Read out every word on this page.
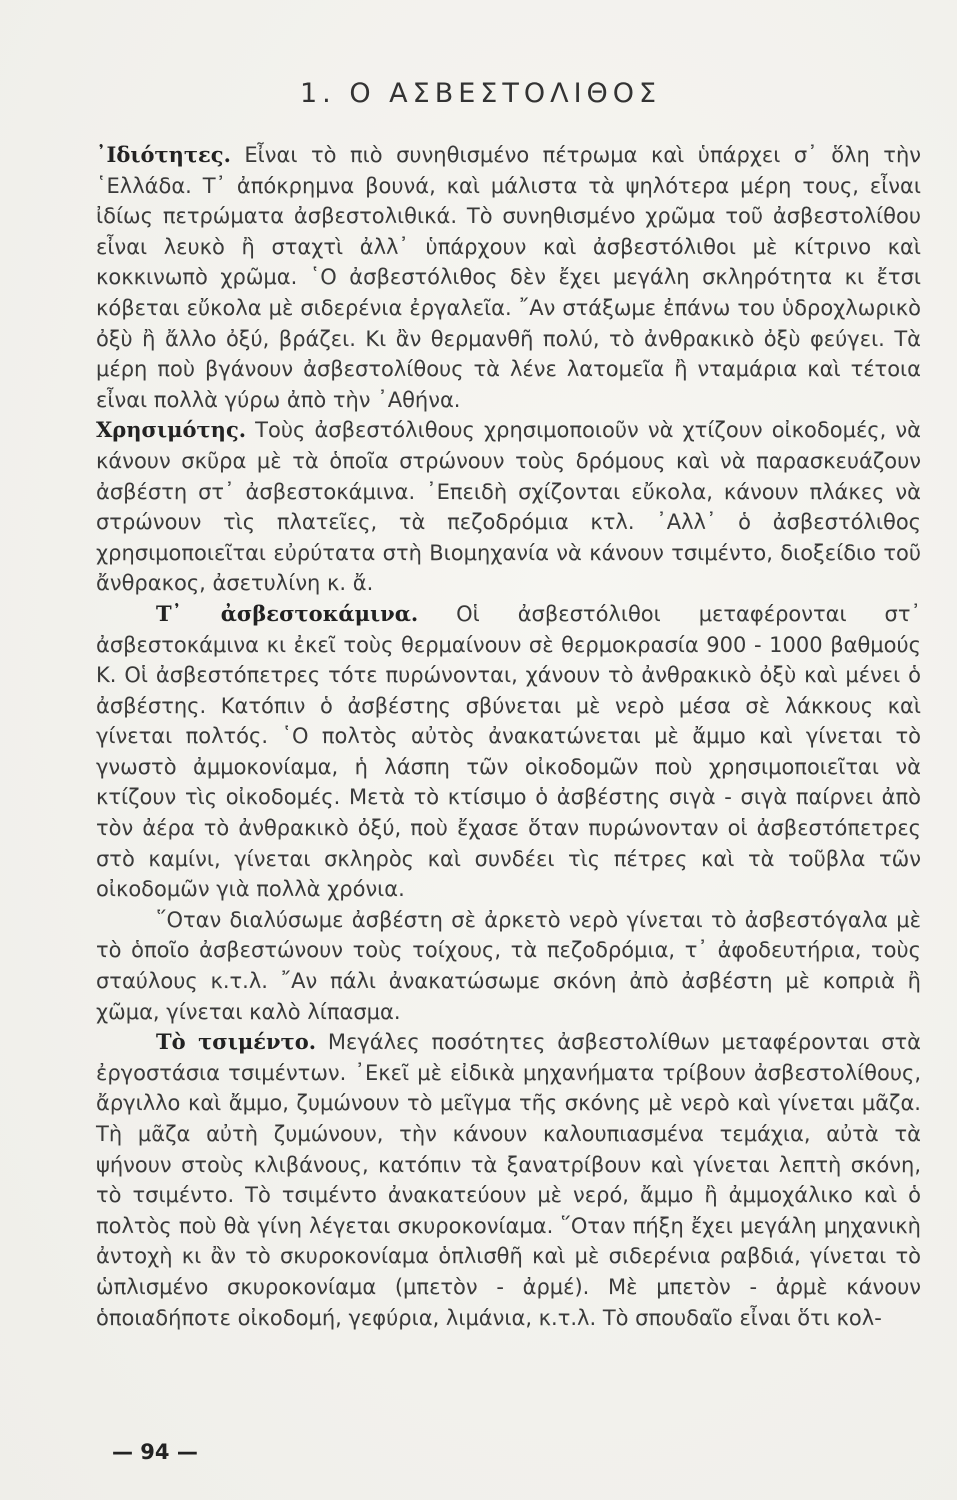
1. Ο ΑΣΒΕΣΤΟΛΙΘΟΣ

᾿Ιδιότητες. Εἶναι τὸ πιὸ συνηθισμένο πέτρωμα καὶ ὑπάρχει σ᾿ ὅλη τὴν ῾Ελλάδα. Τ᾿ ἀπόκρημνα βουνά, καὶ μάλιστα τὰ ψηλότερα μέρη τους, εἶναι ἰδίως πετρώματα ἀσβεστολιθικά. Τὸ συνηθισμένο χρῶμα τοῦ ἀσβεστολίθου εἶναι λευκὸ ἢ σταχτὶ ἀλλ᾿ ὑπάρχουν καὶ ἀσβεστόλιθοι μὲ κίτρινο καὶ κοκκινωπὸ χρῶμα. ῾Ο ἀσβεστόλιθος δὲν ἔχει μεγάλη σκληρότητα κι ἔτσι κόβεται εὔκολα μὲ σιδερένια ἐργαλεῖα. ῎Αν στάξωμε ἐπάνω του ὑδροχλωρικὸ ὀξὺ ἢ ἄλλο ὀξύ, βράζει. Κι ἂν θερμανθῆ πολύ, τὸ ἀνθρακικὸ ὀξὺ φεύγει. Τὰ μέρη ποὺ βγάνουν ἀσβεστολίθους τὰ λένε λατομεῖα ἢ νταμάρια καὶ τέτοια εἶναι πολλὰ γύρω ἀπὸ τὴν ᾿Αθήνα.

Χρησιμότης. Τοὺς ἀσβεστόλιθους χρησιμοποιοῦν νὰ χτίζουν οἰκοδομές, νὰ κάνουν σκῦρα μὲ τὰ ὁποῖα στρώνουν τοὺς δρόμους καὶ νὰ παρασκευάζουν ἀσβέστη στ᾿ ἀσβεστοκάμινα. ᾿Επειδὴ σχίζονται εὔκολα, κάνουν πλάκες νὰ στρώνουν τὶς πλατεῖες, τὰ πεζοδρόμια κτλ. ᾿Αλλ᾿ ὁ ἀσβεστόλιθος χρησιμοποιεῖται εὐρύτατα στὴ Βιομηχανία νὰ κάνουν τσιμέντο, διοξείδιο τοῦ ἄνθρακος, ἀσετυλίνη κ. ἄ.

Τ᾿ ἀσβεστοκάμινα. Οἱ ἀσβεστόλιθοι μεταφέρονται στ᾿ ἀσβεστοκάμινα κι ἐκεῖ τοὺς θερμαίνουν σὲ θερμοκρασία 900 - 1000 βαθμούς Κ. Οἱ ἀσβεστόπετρες τότε πυρώνονται, χάνουν τὸ ἀνθρακικὸ ὀξὺ καὶ μένει ὁ ἀσβέστης. Κατόπιν ὁ ἀσβέστης σβύνεται μὲ νερὸ μέσα σὲ λάκκους καὶ γίνεται πολτός. ῾Ο πολτὸς αὐτὸς ἀνακατώνεται μὲ ἄμμο καὶ γίνεται τὸ γνωστὸ ἀμμοκονίαμα, ἡ λάσπη τῶν οἰκοδομῶν ποὺ χρησιμοποιεῖται νὰ κτίζουν τὶς οἰκοδομές. Μετὰ τὸ κτίσιμο ὁ ἀσβέστης σιγὰ - σιγὰ παίρνει ἀπὸ τὸν ἀέρα τὸ ἀνθρακικὸ ὀξύ, ποὺ ἔχασε ὅταν πυρώνονταν οἱ ἀσβεστόπετρες στὸ καμίνι, γίνεται σκληρὸς καὶ συνδέει τὶς πέτρες καὶ τὰ τοῦβλα τῶν οἰκοδομῶν γιὰ πολλὰ χρόνια.

῞Οταν διαλύσωμε ἀσβέστη σὲ ἀρκετὸ νερὸ γίνεται τὸ ἀσβεστόγαλα μὲ τὸ ὁποῖο ἀσβεστώνουν τοὺς τοίχους, τὰ πεζοδρόμια, τ᾿ ἀφοδευτήρια, τοὺς σταύλους κ.τ.λ. ῎Αν πάλι ἀνακατώσωμε σκόνη ἀπὸ ἀσβέστη μὲ κοπριὰ ἢ χῶμα, γίνεται καλὸ λίπασμα.

Τὸ τσιμέντο. Μεγάλες ποσότητες ἀσβεστολίθων μεταφέρονται στὰ ἐργοστάσια τσιμέντων. ᾿Εκεῖ μὲ εἰδικὰ μηχανήματα τρίβουν ἀσβεστολίθους, ἄργιλλο καὶ ἄμμο, ζυμώνουν τὸ μεῖγμα τῆς σκόνης μὲ νερὸ καὶ γίνεται μᾶζα. Τὴ μᾶζα αὐτὴ ζυμώνουν, τὴν κάνουν καλουπιασμένα τεμάχια, αὐτὰ τὰ ψήνουν στοὺς κλιβάνους, κατόπιν τὰ ξανατρίβουν καὶ γίνεται λεπτὴ σκόνη, τὸ τσιμέντο. Τὸ τσιμέντο ἀνακατεύουν μὲ νερό, ἄμμο ἢ ἀμμοχάλικο καὶ ὁ πολτὸς ποὺ θὰ γίνη λέγεται σκυροκονίαμα. ῞Οταν πήξη ἔχει μεγάλη μηχανικὴ ἀντοχὴ κι ἂν τὸ σκυροκονίαμα ὁπλισθῆ καὶ μὲ σιδερένια ραβδιά, γίνεται τὸ ὡπλισμένο σκυροκονίαμα (μπετὸν - ἀρμέ). Μὲ μπετὸν - ἀρμὲ κάνουν ὁποιαδήποτε οἰκοδομή, γεφύρια, λιμάνια, κ.τ.λ. Τὸ σπουδαῖο εἶναι ὅτι κολ-

— 94 —
